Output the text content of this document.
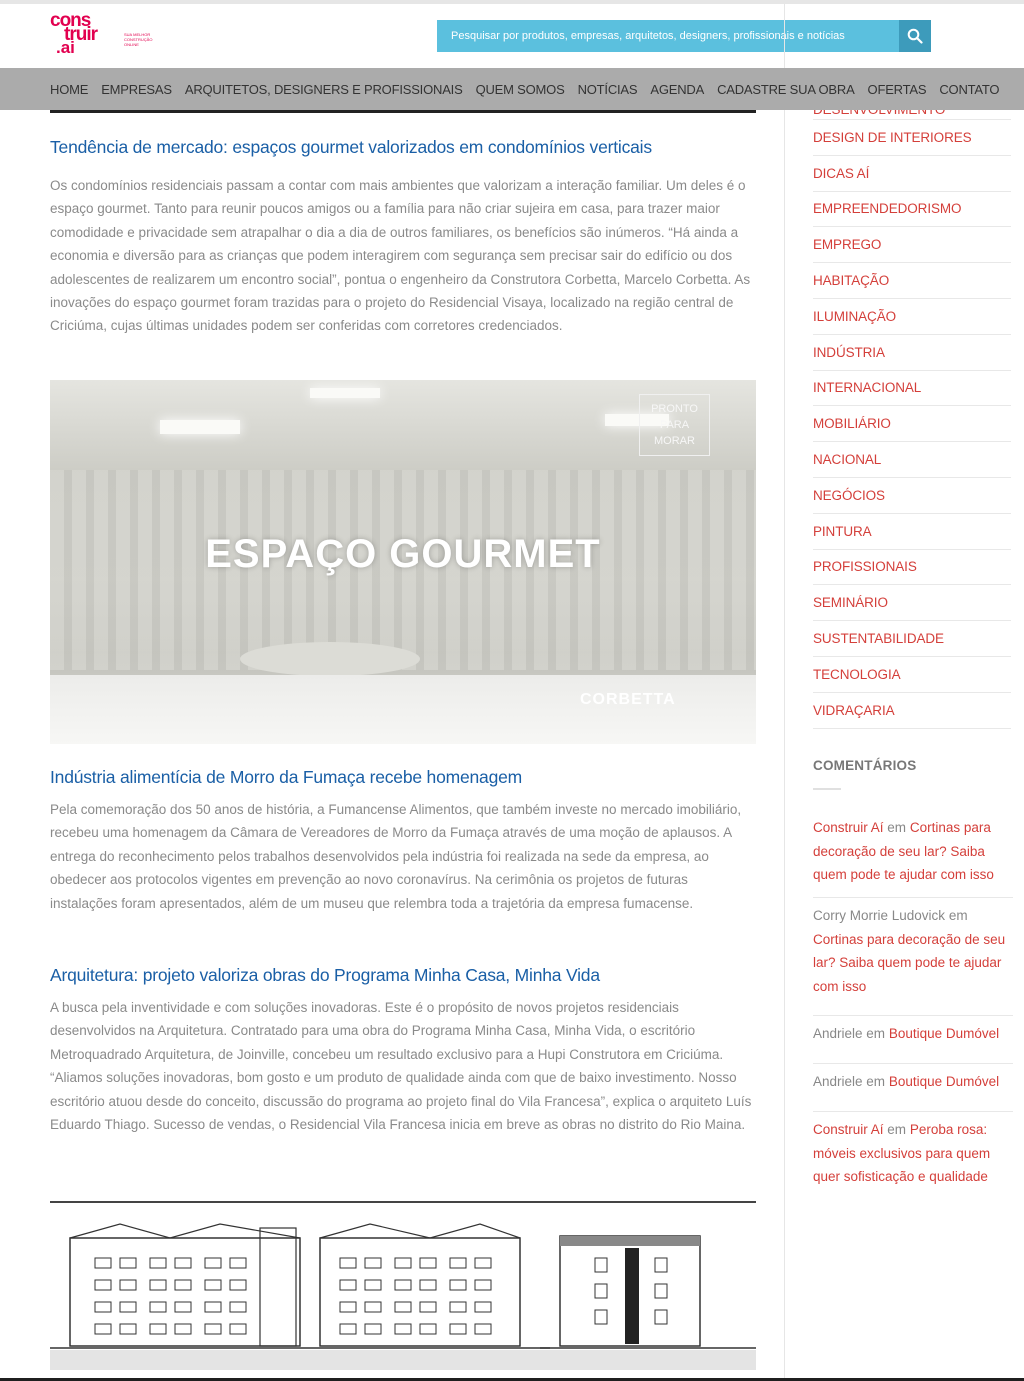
cons
truir
.ai
SUA MELHOR CONSTRUÇÃO ONLINE
Pesquisar por produtos, empresas, arquitetos, designers, profissionais e notícias
HOME EMPRESAS ARQUITETOS, DESIGNERS E PROFISSIONAIS QUEM SOMOS NOTÍCIAS AGENDA CADASTRE SUA OBRA OFERTAS CONTATO
Tendência de mercado: espaços gourmet valorizados em condomínios verticais

Os condomínios residenciais passam a contar com mais ambientes que valorizam a interação familiar. Um deles é o espaço gourmet. Tanto para reunir poucos amigos ou a família para não criar sujeira em casa, para trazer maior comodidade e privacidade sem atrapalhar o dia a dia de outros familiares, os benefícios são inúmeros. “Há ainda a economia e diversão para as crianças que podem interagirem com segurança sem precisar sair do edifício ou dos adolescentes de realizarem um encontro social”, pontua o engenheiro da Construtora Corbetta, Marcelo Corbetta. As inovações do espaço gourmet foram trazidas para o projeto do Residencial Visaya, localizado na região central de Criciúma, cujas últimas unidades podem ser conferidas com corretores credenciados.

ESPAÇO GOURMET
PRONTO PARA MORAR
CORBETTA
Indústria alimentícia de Morro da Fumaça recebe homenagem

Pela comemoração dos 50 anos de história, a Fumancense Alimentos, que também investe no mercado imobiliário, recebeu uma homenagem da Câmara de Vereadores de Morro da Fumaça através de uma moção de aplausos. A entrega do reconhecimento pelos trabalhos desenvolvidos pela indústria foi realizada na sede da empresa, ao obedecer aos protocolos vigentes em prevenção ao novo coronavírus. Na cerimônia os projetos de futuras instalações foram apresentados, além de um museu que relembra toda a trajetória da empresa fumacense.

Arquitetura: projeto valoriza obras do Programa Minha Casa, Minha Vida

A busca pela inventividade e com soluções inovadoras. Este é o propósito de novos projetos residenciais desenvolvidos na Arquitetura. Contratado para uma obra do Programa Minha Casa, Minha Vida, o escritório Metroquadrado Arquitetura, de Joinville, concebeu um resultado exclusivo para a Hupi Construtora em Criciúma. “Aliamos soluções inovadoras, bom gosto e um produto de qualidade ainda com que de baixo investimento. Nosso escritório atuou desde do conceito, discussão do programa ao projeto final do Vila Francesa”, explica o arquiteto Luís Eduardo Thiago. Sucesso de vendas, o Residencial Vila Francesa inicia em breve as obras no distrito do Rio Maina.

DESIGN DE INTERIORES
DICAS AÍ
EMPREENDEDORISMO
EMPREGO
HABITAÇÃO
ILUMINAÇÃO
INDÚSTRIA
INTERNACIONAL
MOBILIÁRIO
NACIONAL
NEGÓCIOS
PINTURA
PROFISSIONAIS
SEMINÁRIO
SUSTENTABILIDADE
TECNOLOGIA
VIDRAÇARIA
COMENTÁRIOS
Construir Aí em Cortinas para decoração de seu lar? Saiba quem pode te ajudar com isso
Corry Morrie Ludovick em Cortinas para decoração de seu lar? Saiba quem pode te ajudar com isso
Andriele em Boutique Dumóvel
Andriele em Boutique Dumóvel
Construir Aí em Peroba rosa: móveis exclusivos para quem quer sofisticação e qualidade
